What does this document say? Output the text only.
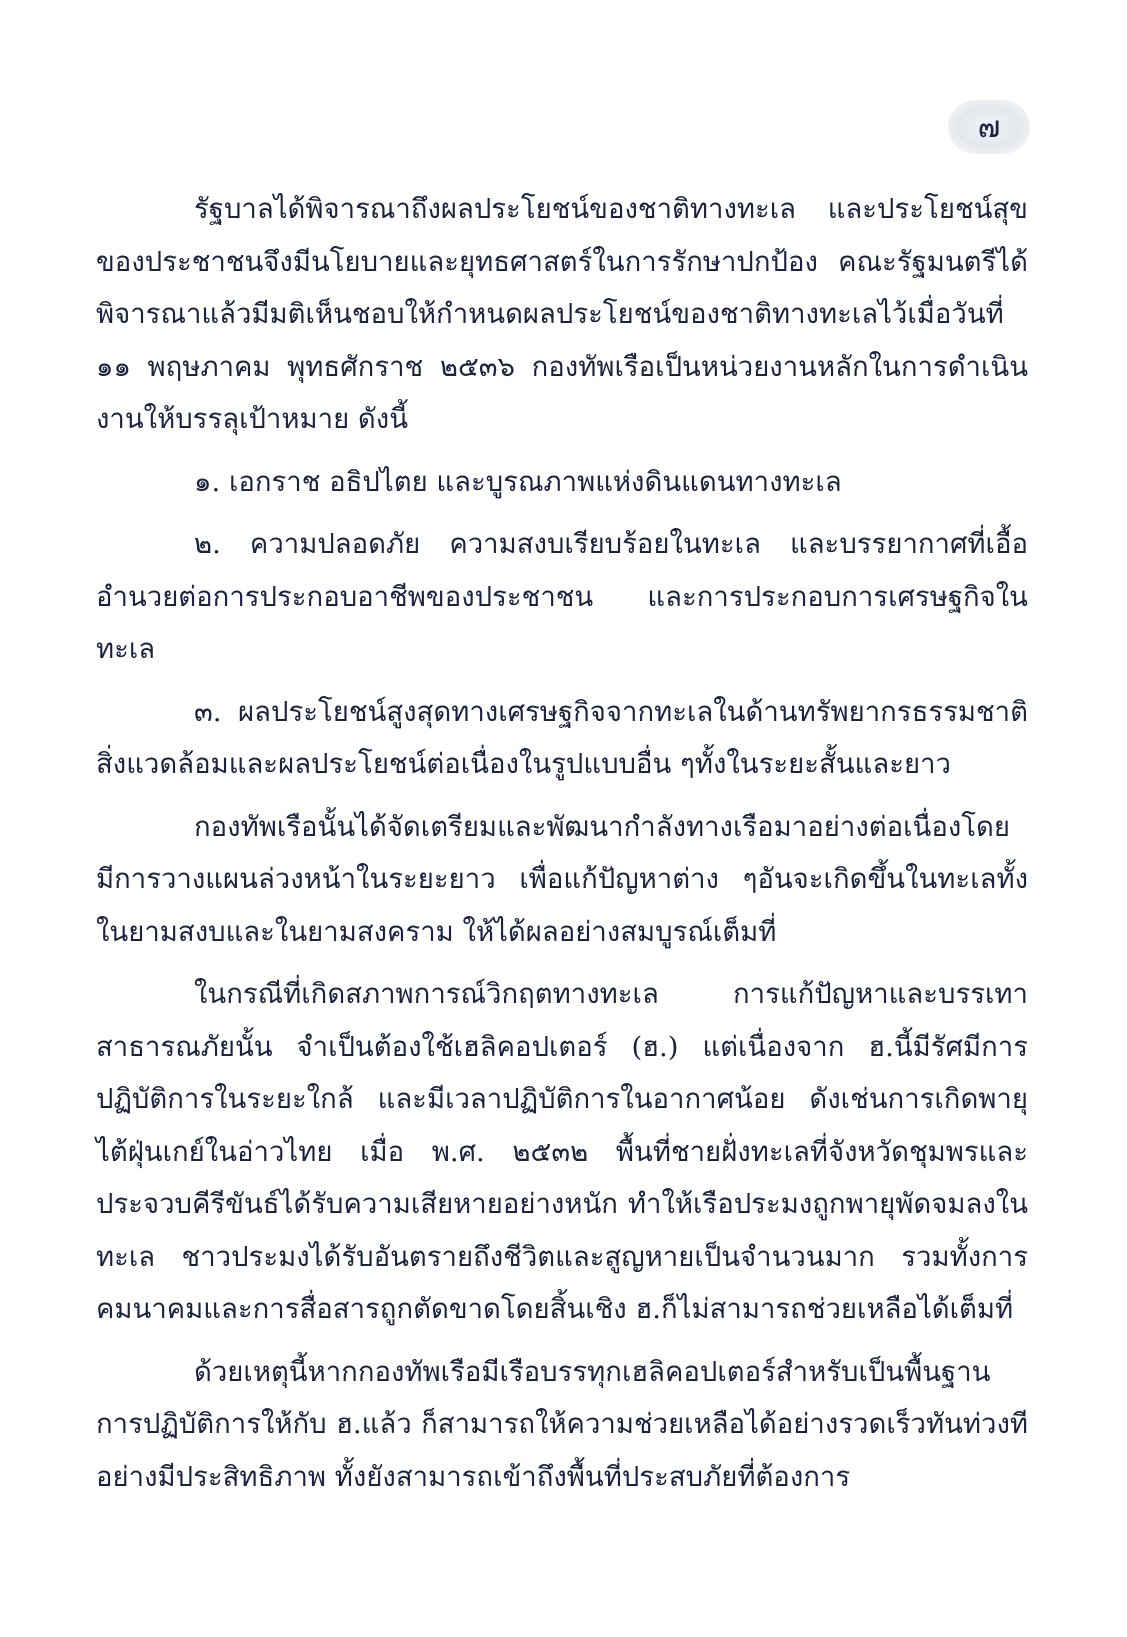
๗

รัฐบาลได้พิจารณาถึงผลประโยชน์ของชาติทางทะเล และประโยชน์สุขของประชาชนจึงมีนโยบายและยุทธศาสตร์ในการรักษาปกป้อง คณะรัฐมนตรีได้พิจารณาแล้วมีมติเห็นชอบให้กำหนดผลประโยชน์ของชาติทางทะเลไว้เมื่อวันที่ ๑๑ พฤษภาคม พุทธศักราช ๒๕๓๖ กองทัพเรือเป็นหน่วยงานหลักในการดำเนินงานให้บรรลุเป้าหมาย ดังนี้

๑. เอกราช อธิปไตย และบูรณภาพแห่งดินแดนทางทะเล

๒. ความปลอดภัย ความสงบเรียบร้อยในทะเล และบรรยากาศที่เอื้ออำนวยต่อการประกอบอาชีพของประชาชน และการประกอบการเศรษฐกิจในทะเล

๓. ผลประโยชน์สูงสุดทางเศรษฐกิจจากทะเลในด้านทรัพยากรธรรมชาติ สิ่งแวดล้อมและผลประโยชน์ต่อเนื่องในรูปแบบอื่น ๆทั้งในระยะสั้นและยาว

กองทัพเรือนั้นได้จัดเตรียมและพัฒนากำลังทางเรือมาอย่างต่อเนื่องโดยมีการวางแผนล่วงหน้าในระยะยาว เพื่อแก้ปัญหาต่าง ๆอันจะเกิดขึ้นในทะเลทั้งในยามสงบและในยามสงคราม ให้ได้ผลอย่างสมบูรณ์เต็มที่

ในกรณีที่เกิดสภาพการณ์วิกฤตทางทะเล การแก้ปัญหาและบรรเทาสาธารณภัยนั้น จำเป็นต้องใช้เฮลิคอปเตอร์ (ฮ.) แต่เนื่องจาก ฮ.นี้มีรัศมีการปฏิบัติการในระยะใกล้ และมีเวลาปฏิบัติการในอากาศน้อย ดังเช่นการเกิดพายุไต้ฝุ่นเกย์ในอ่าวไทย เมื่อ พ.ศ. ๒๕๓๒ พื้นที่ชายฝั่งทะเลที่จังหวัดชุมพรและประจวบคีรีขันธ์ได้รับความเสียหายอย่างหนัก ทำให้เรือประมงถูกพายุพัดจมลงในทะเล ชาวประมงได้รับอันตรายถึงชีวิตและสูญหายเป็นจำนวนมาก รวมทั้งการคมนาคมและการสื่อสารถูกตัดขาดโดยสิ้นเชิง ฮ.ก็ไม่สามารถช่วยเหลือได้เต็มที่

ด้วยเหตุนี้หากกองทัพเรือมีเรือบรรทุกเฮลิคอปเตอร์สำหรับเป็นพื้นฐานการปฏิบัติการให้กับ ฮ.แล้ว ก็สามารถให้ความช่วยเหลือได้อย่างรวดเร็วทันท่วงทีอย่างมีประสิทธิภาพ ทั้งยังสามารถเข้าถึงพื้นที่ประสบภัยที่ต้องการ
